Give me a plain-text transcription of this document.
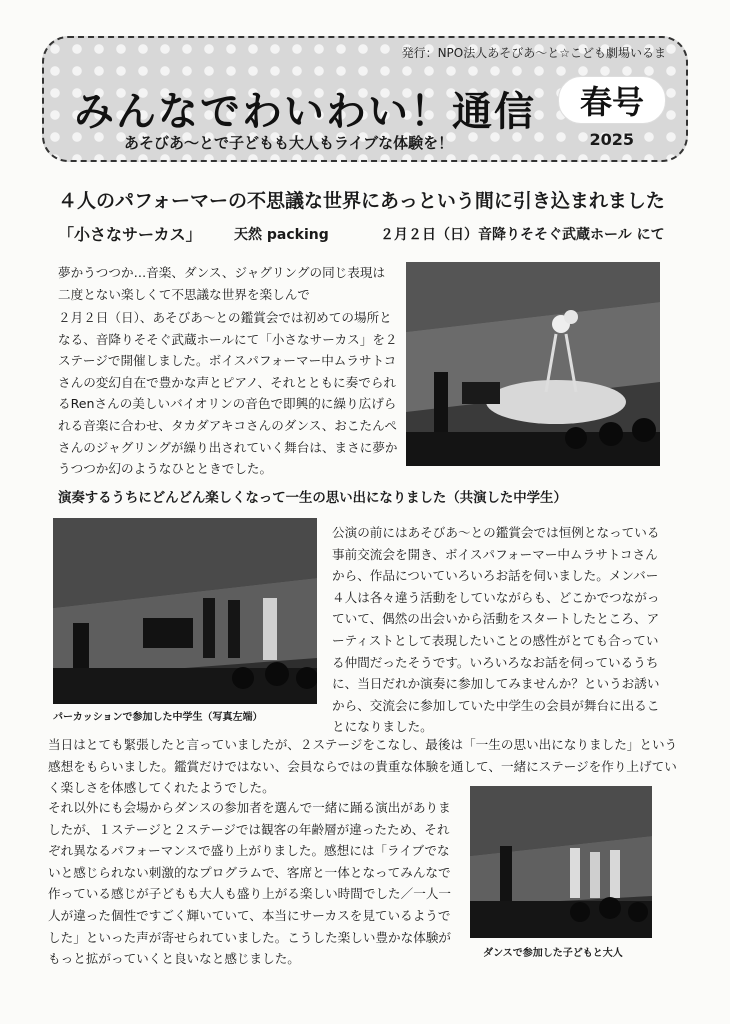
発行：NPO法人あそびあ～と☆こども劇場いるま
みんなでわいわい！通信	春号
2025
あそびあ～とで子どもも大人もライブな体験を！
４人のパフォーマーの不思議な世界にあっという間に引き込まれました
「小さなサーカス」 天然 packing	２月２日（日）音降りそそぐ武蔵ホール にて

夢かうつつか…音楽、ダンス、ジャグリングの同じ表現は二度とない楽しくて不思議な世界を楽しんで

２月２日（日）、あそびあ～との鑑賞会では初めての場所となる、音降りそそぐ武蔵ホールにて「小さなサーカス」を２ステージで開催しました。ボイスパフォーマー中ムラサトコさんの変幻自在で豊かな声とピアノ、それとともに奏でられるRenさんの美しいバイオリンの音色で即興的に繰り広げられる音楽に合わせ、タカダアキコさんのダンス、おこたんぺさんのジャグリングが繰り出されていく舞台は、まさに夢かうつつか幻のようなひとときでした。

演奏するうちにどんどん楽しくなって一生の思い出になりました（共演した中学生）
パーカッションで参加した中学生（写真左端）

公演の前にはあそびあ～との鑑賞会では恒例となっている事前交流会を開き、ボイスパフォーマー中ムラサトコさんから、作品についていろいろお話を伺いました。メンバー４人は各々違う活動をしていながらも、どこかでつながっていて、偶然の出会いから活動をスタートしたところ、アーティストとして表現したいことの感性がとても合っている仲間だったそうです。いろいろなお話を伺っているうちに、当日だれか演奏に参加してみませんか？というお誘いから、交流会に参加していた中学生の会員が舞台に出ることになりました。

当日はとても緊張したと言っていましたが、２ステージをこなし、最後は「一生の思い出になりました」という感想をもらいました。鑑賞だけではない、会員ならではの貴重な体験を通して、一緒にステージを作り上げていく楽しさを体感してくれたようでした。

それ以外にも会場からダンスの参加者を選んで一緒に踊る演出がありましたが、１ステージと２ステージでは観客の年齢層が違ったため、それぞれ異なるパフォーマンスで盛り上がりました。感想には「ライブでないと感じられない刺激的なプログラムで、客席と一体となってみんなで作っている感じが子どもも大人も盛り上がる楽しい時間でした／一人一人が違った個性ですごく輝いていて、本当にサーカスを見ているようでした」といった声が寄せられていました。こうした楽しい豊かな体験がもっと拡がっていくと良いなと感じました。	ダンスで参加した子どもと大人
